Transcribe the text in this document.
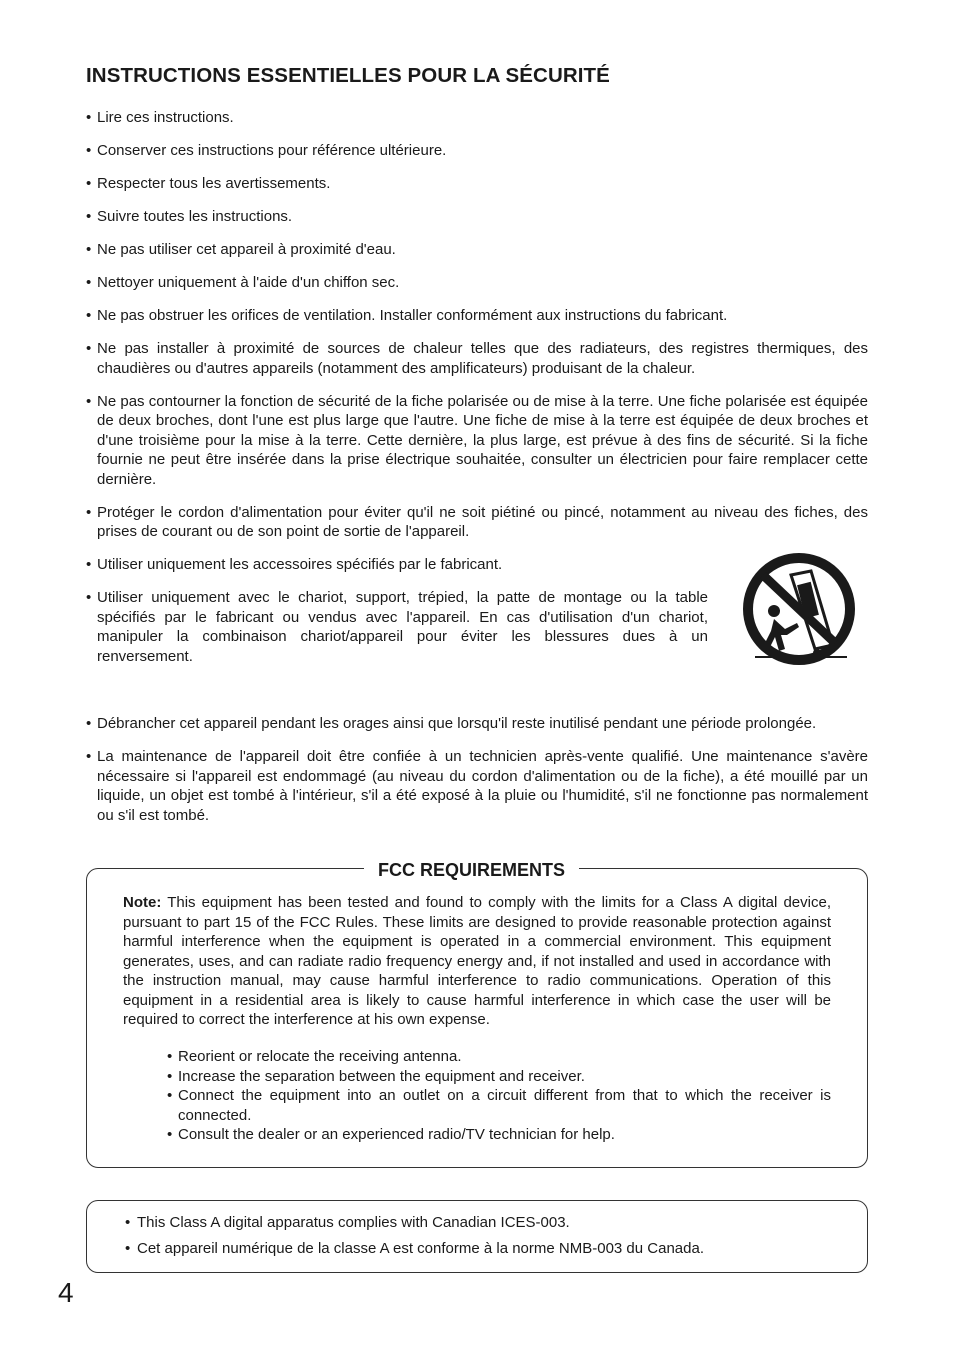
INSTRUCTIONS ESSENTIELLES POUR LA SÉCURITÉ
• Lire ces instructions.
• Conserver ces instructions pour référence ultérieure.
• Respecter tous les avertissements.
• Suivre toutes les instructions.
• Ne pas utiliser cet appareil à proximité d'eau.
• Nettoyer uniquement à l'aide d'un chiffon sec.
• Ne pas obstruer les orifices de ventilation. Installer conformément aux instructions du fabricant.
• Ne pas installer à proximité de sources de chaleur telles que des radiateurs, des registres thermiques, des chaudières ou d'autres appareils (notamment des amplificateurs) produisant de la chaleur.
• Ne pas contourner la fonction de sécurité de la fiche polarisée ou de mise à la terre. Une fiche polarisée est équipée de deux broches, dont l'une est plus large que l'autre. Une fiche de mise à la terre est équipée de deux broches et d'une troisième pour la mise à la terre. Cette dernière, la plus large, est prévue à des fins de sécurité. Si la fiche fournie ne peut être insérée dans la prise électrique souhaitée, consulter un électricien pour faire remplacer cette dernière.
• Protéger le cordon d'alimentation pour éviter qu'il ne soit piétiné ou pincé, notamment au niveau des fiches, des prises de courant ou de son point de sortie de l'appareil.
• Utiliser uniquement les accessoires spécifiés par le fabricant.
• Utiliser uniquement avec le chariot, support, trépied, la patte de montage ou la table spécifiés par le fabricant ou vendus avec l'appareil. En cas d'utilisation d'un chariot, manipuler la combinaison chariot/appareil pour éviter les blessures dues à un renversement.
• Débrancher cet appareil pendant les orages ainsi que lorsqu'il reste inutilisé pendant une période prolongée.
• La maintenance de l'appareil doit être confiée à un technicien après-vente qualifié. Une maintenance s'avère nécessaire si l'appareil est endommagé (au niveau du cordon d'alimentation ou de la fiche), a été mouillé par un liquide, un objet est tombé à l'intérieur, s'il a été exposé à la pluie ou l'humidité, s'il ne fonctionne pas normalement ou s'il est tombé.
FCC REQUIREMENTS

Note: This equipment has been tested and found to comply with the limits for a Class A digital device, pursuant to part 15 of the FCC Rules. These limits are designed to provide reasonable protection against harmful interference when the equipment is operated in a commercial environment. This equipment generates, uses, and can radiate radio frequency energy and, if not installed and used in accordance with the instruction manual, may cause harmful interference to radio communications. Operation of this equipment in a residential area is likely to cause harmful interference in which case the user will be required to correct the interference at his own expense.

• Reorient or relocate the receiving antenna.
• Increase the separation between the equipment and receiver.
• Connect the equipment into an outlet on a circuit different from that to which the receiver is connected.
• Consult the dealer or an experienced radio/TV technician for help.
• This Class A digital apparatus complies with Canadian ICES-003.
• Cet appareil numérique de la classe A est conforme à la norme NMB-003 du Canada.
4
